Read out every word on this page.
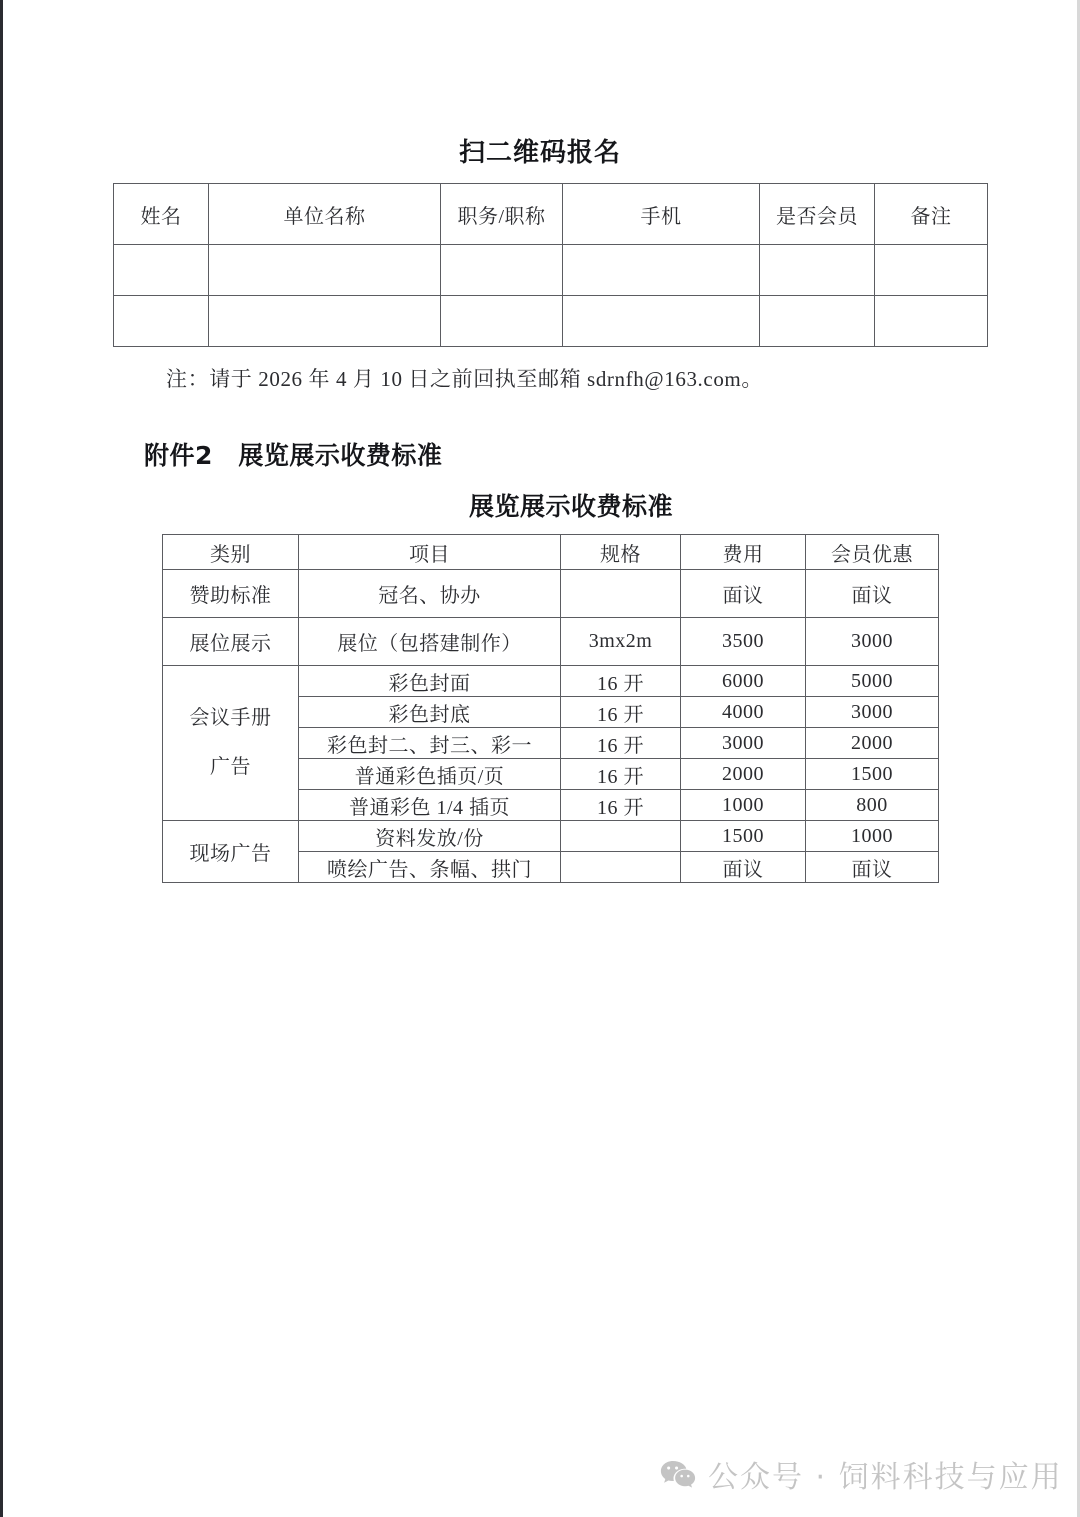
扫二维码报名
姓名	单位名称	职务/职称	手机	是否会员	备注

注：请于 2026 年 4 月 10 日之前回执至邮箱 sdrnfh@163.com。
附件2　展览展示收费标准
展览展示收费标准
类别	项目	规格	费用	会员优惠
赞助标准	冠名、协办		面议	面议
展位展示	展位（包搭建制作）	3mx2m	3500	3000

会议手册
广告	彩色封面	16 开	6000	5000
	彩色封底	16 开	4000	3000
	彩色封二、封三、彩一	16 开	3000	2000
	普通彩色插页/页	16 开	2000	1500
	普通彩色 1/4 插页	16 开	1000	800
现场广告	资料发放/份		1500	1000
	喷绘广告、条幅、拱门		面议	面议
公众号 · 饲料科技与应用
